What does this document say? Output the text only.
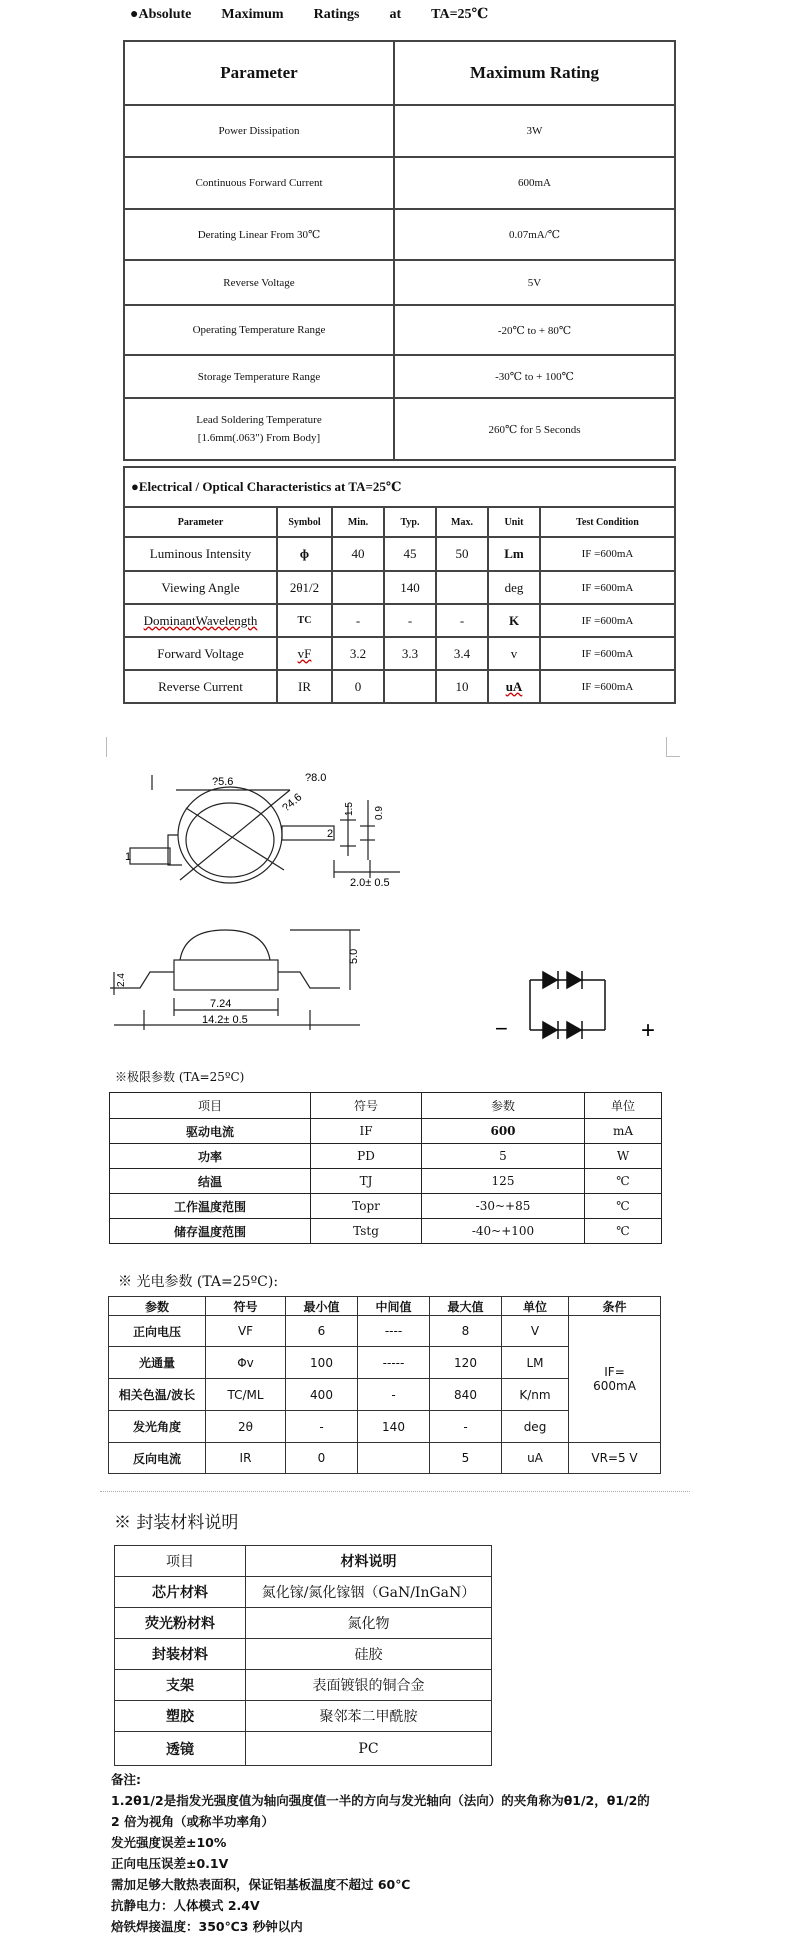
●Absolute Maximum Ratings at TA=25℃
Parameter	Maximum Rating
Power Dissipation	3W
Continuous Forward Current	600mA
Derating Linear From 30℃	0.07mA/℃
Reverse Voltage	5V
Operating Temperature Range	-20℃ to + 80℃
Storage Temperature Range	-30℃ to + 100℃

Lead Soldering Temperature
[1.6mm(.063") From Body]	260℃ for 5 Seconds
●Electrical / Optical Characteristics at TA=25℃						
Parameter	Symbol	Min.	Typ.	Max.	Unit	Test Condition
Luminous Intensity	ɸ	40	45	50	Lm	IF =600mA
Viewing Angle	2θ1/2		140		deg	IF =600mA
DominantWavelength	TC	-	-	-	K	IF =600mA
Forward Voltage	vF	3.2	3.3	3.4	v	IF =600mA
Reverse Current	IR	0		10	uA	IF =600mA
?5.6	?8.0
?4.6	1.5 0.9
2.0± 0.5
1
2
2.4
5.0
7.24
14.2± 0.5	−	+
※极限参数 (TA=25ºC)
项目	符号	参数	单位
驱动电流	IF	600	mA
功率	PD	5	W
结温	TJ	125	℃
工作温度范围	Topr	-30~+85	℃
储存温度范围	Tstg	-40~+100	℃
※ 光电参数 (TA=25ºC):
参数	符号	最小值	中间值	最大值	单位	条件
正向电压	VF	6	----	8	V	IF=
600mA
光通量	Φv	100	-----	120	LM	
相关色温/波长	TC/ML	400	-	840	K/nm	
发光角度	2θ	-	140	-	deg	
反向电流	IR	0		5	uA	VR=5 V
※ 封装材料说明
项目	材料说明
芯片材料	氮化镓/氮化镓铟（GaN/InGaN）
荧光粉材料	氮化物
封装材料	硅胶
支架	表面镀银的铜合金
塑胶	聚邻苯二甲酰胺
透镜	PC
备注:
1.2θ1/2是指发光强度值为轴向强度值一半的方向与发光轴向（法向）的夹角称为θ1/2，θ1/2的
2 倍为视角（或称半功率角）
发光强度误差±10%
正向电压误差±0.1V
需加足够大散热表面积，保证铝基板温度不超过 60℃
抗静电力：人体模式 2.4V
焙铁焊接温度：350℃3 秒钟以内
